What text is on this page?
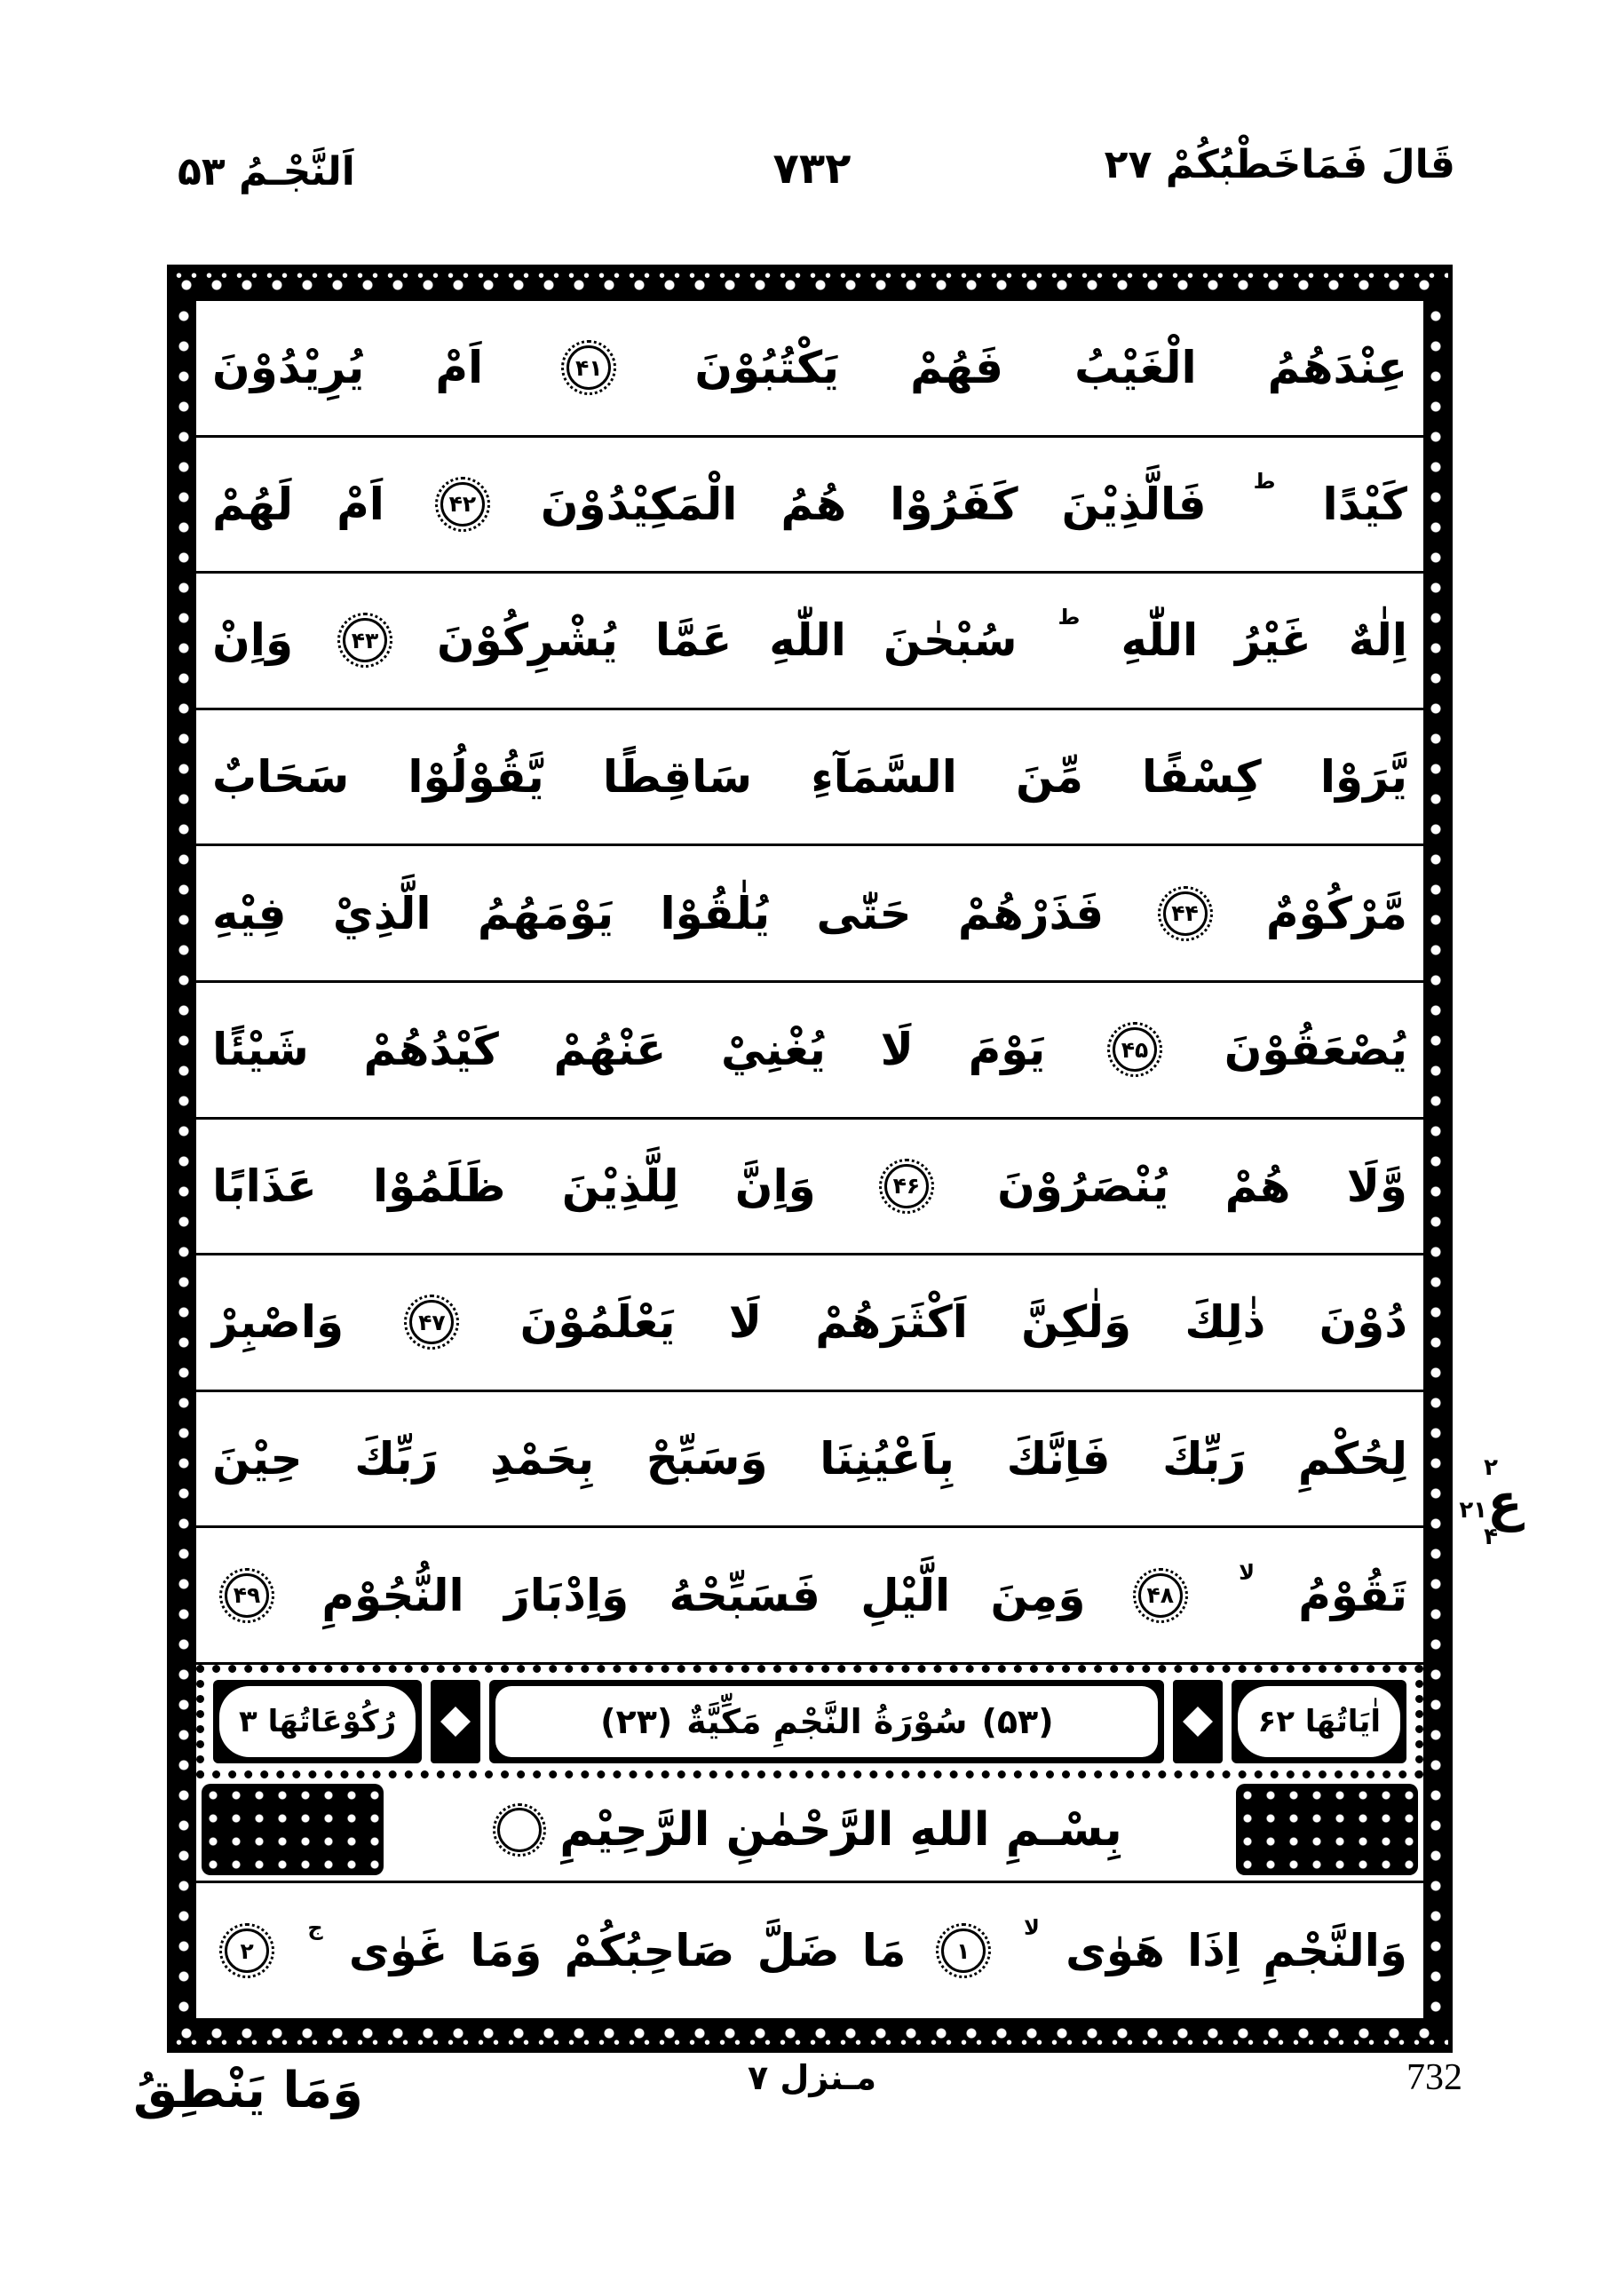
اَلنَّجْـمُ ۵۳	۷۳۲	قَالَ فَمَاخَطْبُكُمْ ۲۷
عِنْدَهُمُ
الْغَيْبُ
فَهُمْ
يَكْتُبُوْنَ
۴۱
اَمْ
يُرِيْدُوْنَ
كَيْدًا
ط
فَالَّذِيْنَ
كَفَرُوْا
هُمُ
الْمَكِيْدُوْنَ
۴۲
اَمْ
لَهُمْ
اِلٰهٌ
غَيْرُ
اللّٰهِ
ط
سُبْحٰنَ
اللّٰهِ
عَمَّا
يُشْرِكُوْنَ
۴۳
وَاِنْ
يَّرَوْا
كِسْفًا
مِّنَ
السَّمَآءِ
سَاقِطًا
يَّقُوْلُوْا
سَحَابٌ
مَّرْكُوْمٌ
۴۴
فَذَرْهُمْ
حَتّٰى
يُلٰقُوْا
يَوْمَهُمُ
الَّذِيْ
فِيْهِ
يُصْعَقُوْنَ
۴۵
يَوْمَ
لَا
يُغْنِيْ
عَنْهُمْ
كَيْدُهُمْ
شَيْئًا
وَّلَا
هُمْ
يُنْصَرُوْنَ
۴۶
وَاِنَّ
لِلَّذِيْنَ
ظَلَمُوْا
عَذَابًا
دُوْنَ
ذٰلِكَ
وَلٰكِنَّ
اَكْثَرَهُمْ
لَا
يَعْلَمُوْنَ
۴۷
وَاصْبِرْ
لِحُكْمِ
رَبِّكَ
فَاِنَّكَ
بِاَعْيُنِنَا
وَسَبِّحْ
بِحَمْدِ
رَبِّكَ
حِيْنَ
تَقُوْمُ
لا
۴۸
وَمِنَ
الَّيْلِ
فَسَبِّحْهُ
وَاِدْبَارَ
النُّجُوْمِ
۴۹
اٰيَاتُهَا ۶۲
(۵۳)
سُوْرَةُ النَّجْمِ مَكِّيَّةٌ
(۲۳)
رُكُوْعَاتُهَا ۳
بِسْـمِ اللهِ الرَّحْمٰنِ الرَّحِيْمِ
وَالنَّجْمِ
اِذَا
هَوٰى
لا
۱
مَا
ضَلَّ
صَاحِبُكُمْ
وَمَا
غَوٰى
ج
۲
۲
ع
۲۱
۴
وَمَا يَنْطِقُ	مـنزل ۷	732
